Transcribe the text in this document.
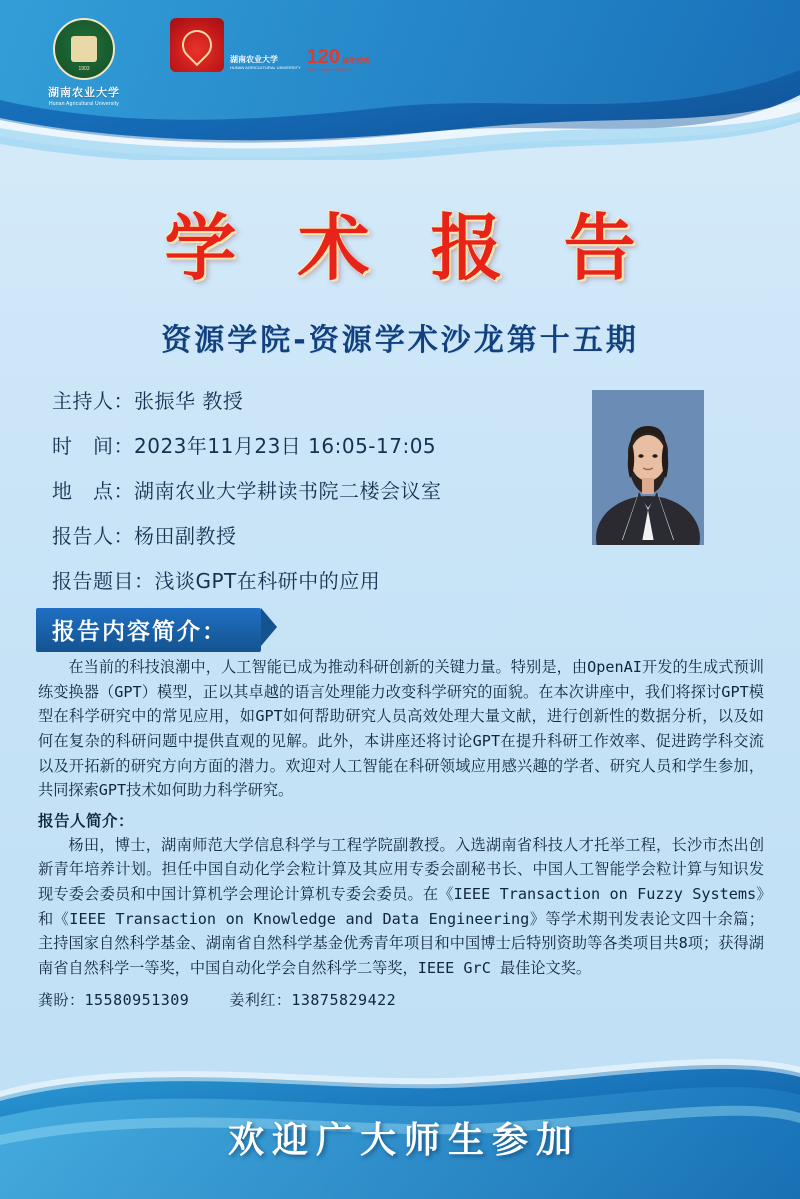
1903
湖南农业大学
Hunan Agricultural University
湖南农业大学
HUNAN AGRICULTURAL UNIVERSITY 120 周年校庆
120TH ANNIVERSARY
学 术 报 告
资源学院-资源学术沙龙第十五期
主持人：张振华 教授
时　间：2023年11月23日 16:05-17:05
地　点：湖南农业大学耕读书院二楼会议室
报告人：杨田副教授
报告题目：浅谈GPT在科研中的应用
报告内容简介：

在当前的科技浪潮中，人工智能已成为推动科研创新的关键力量。特别是，由OpenAI开发的生成式预训练变换器（GPT）模型，正以其卓越的语言处理能力改变科学研究的面貌。在本次讲座中，我们将探讨GPT模型在科学研究中的常见应用，如GPT如何帮助研究人员高效处理大量文献，进行创新性的数据分析，以及如何在复杂的科研问题中提供直观的见解。此外，本讲座还将讨论GPT在提升科研工作效率、促进跨学科交流以及开拓新的研究方向方面的潜力。欢迎对人工智能在科研领域应用感兴趣的学者、研究人员和学生参加，共同探索GPT技术如何助力科学研究。

报告人简介：

杨田，博士，湖南师范大学信息科学与工程学院副教授。入选湖南省科技人才托举工程，长沙市杰出创新青年培养计划。担任中国自动化学会粒计算及其应用专委会副秘书长、中国人工智能学会粒计算与知识发现专委会委员和中国计算机学会理论计算机专委会委员。在《IEEE Transaction on Fuzzy Systems》和《IEEE Transaction on Knowledge and Data Engineering》等学术期刊发表论文四十余篇；主持国家自然科学基金、湖南省自然科学基金优秀青年项目和中国博士后特别资助等各类项目共8项；获得湖南省自然科学一等奖，中国自动化学会自然科学二等奖，IEEE GrC 最佳论文奖。

龚盼：15580951309	姜利红：13875829422
欢迎广大师生参加
